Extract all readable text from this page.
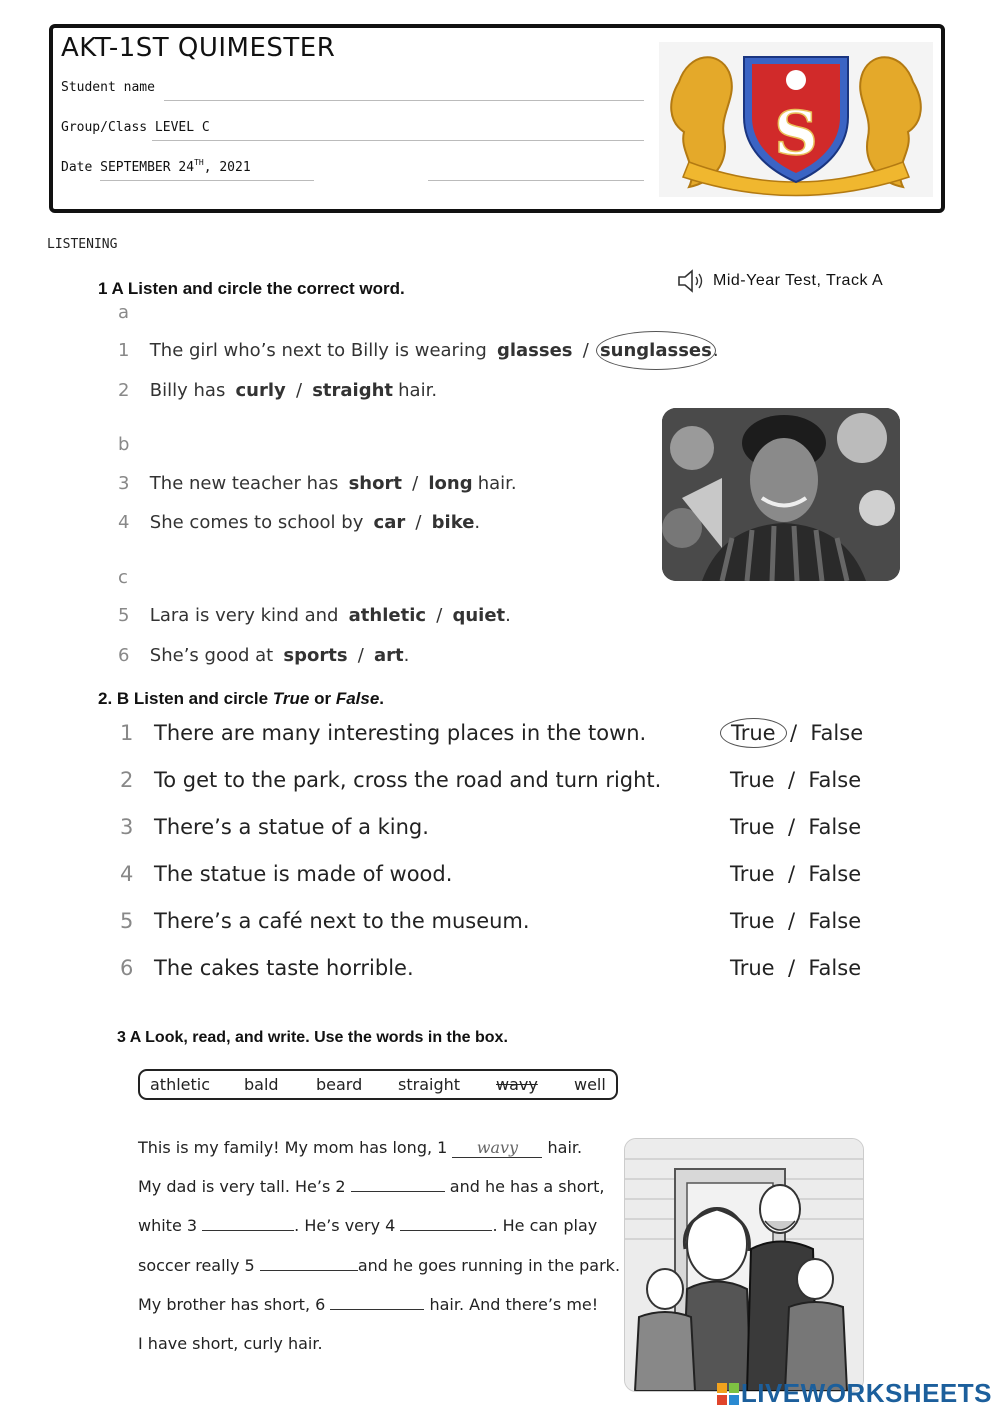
AKT-1ST QUIMESTER
Student name
Group/Class LEVEL C
Date SEPTEMBER 24TH, 2021	S
LISTENING
1 A Listen and circle the correct word.	Mid-Year Test, Track A
a
b
c
1 The girl who’s next to Billy is wearing glasses / sunglasses.
2 Billy has curly / straight hair.
3 The new teacher has short / long hair.
4 She comes to school by car / bike.
5 Lara is very kind and athletic / quiet.
6 She’s good at sports / art.
2. B Listen and circle True or False.
1 There are many interesting places in the town.	True / False
2 To get to the park, cross the road and turn right.	True / False
3 There’s a statue of a king.	True / False
4 The statue is made of wood.	True / False
5 There’s a café next to the museum.	True / False
6 The cakes taste horrible.	True / False
3 A Look, read, and write. Use the words in the box.
athletic bald beard straight wavy well
This is my family! My mom has long, 1 wavy hair.
My dad is very tall. He’s 2	and he has a short,
white 3	. He’s very 4	. He can play
soccer really 5	and he goes running in the park.
My brother has short, 6	hair. And there’s me!
I have short, curly hair.
LIVEWORKSHEETS
